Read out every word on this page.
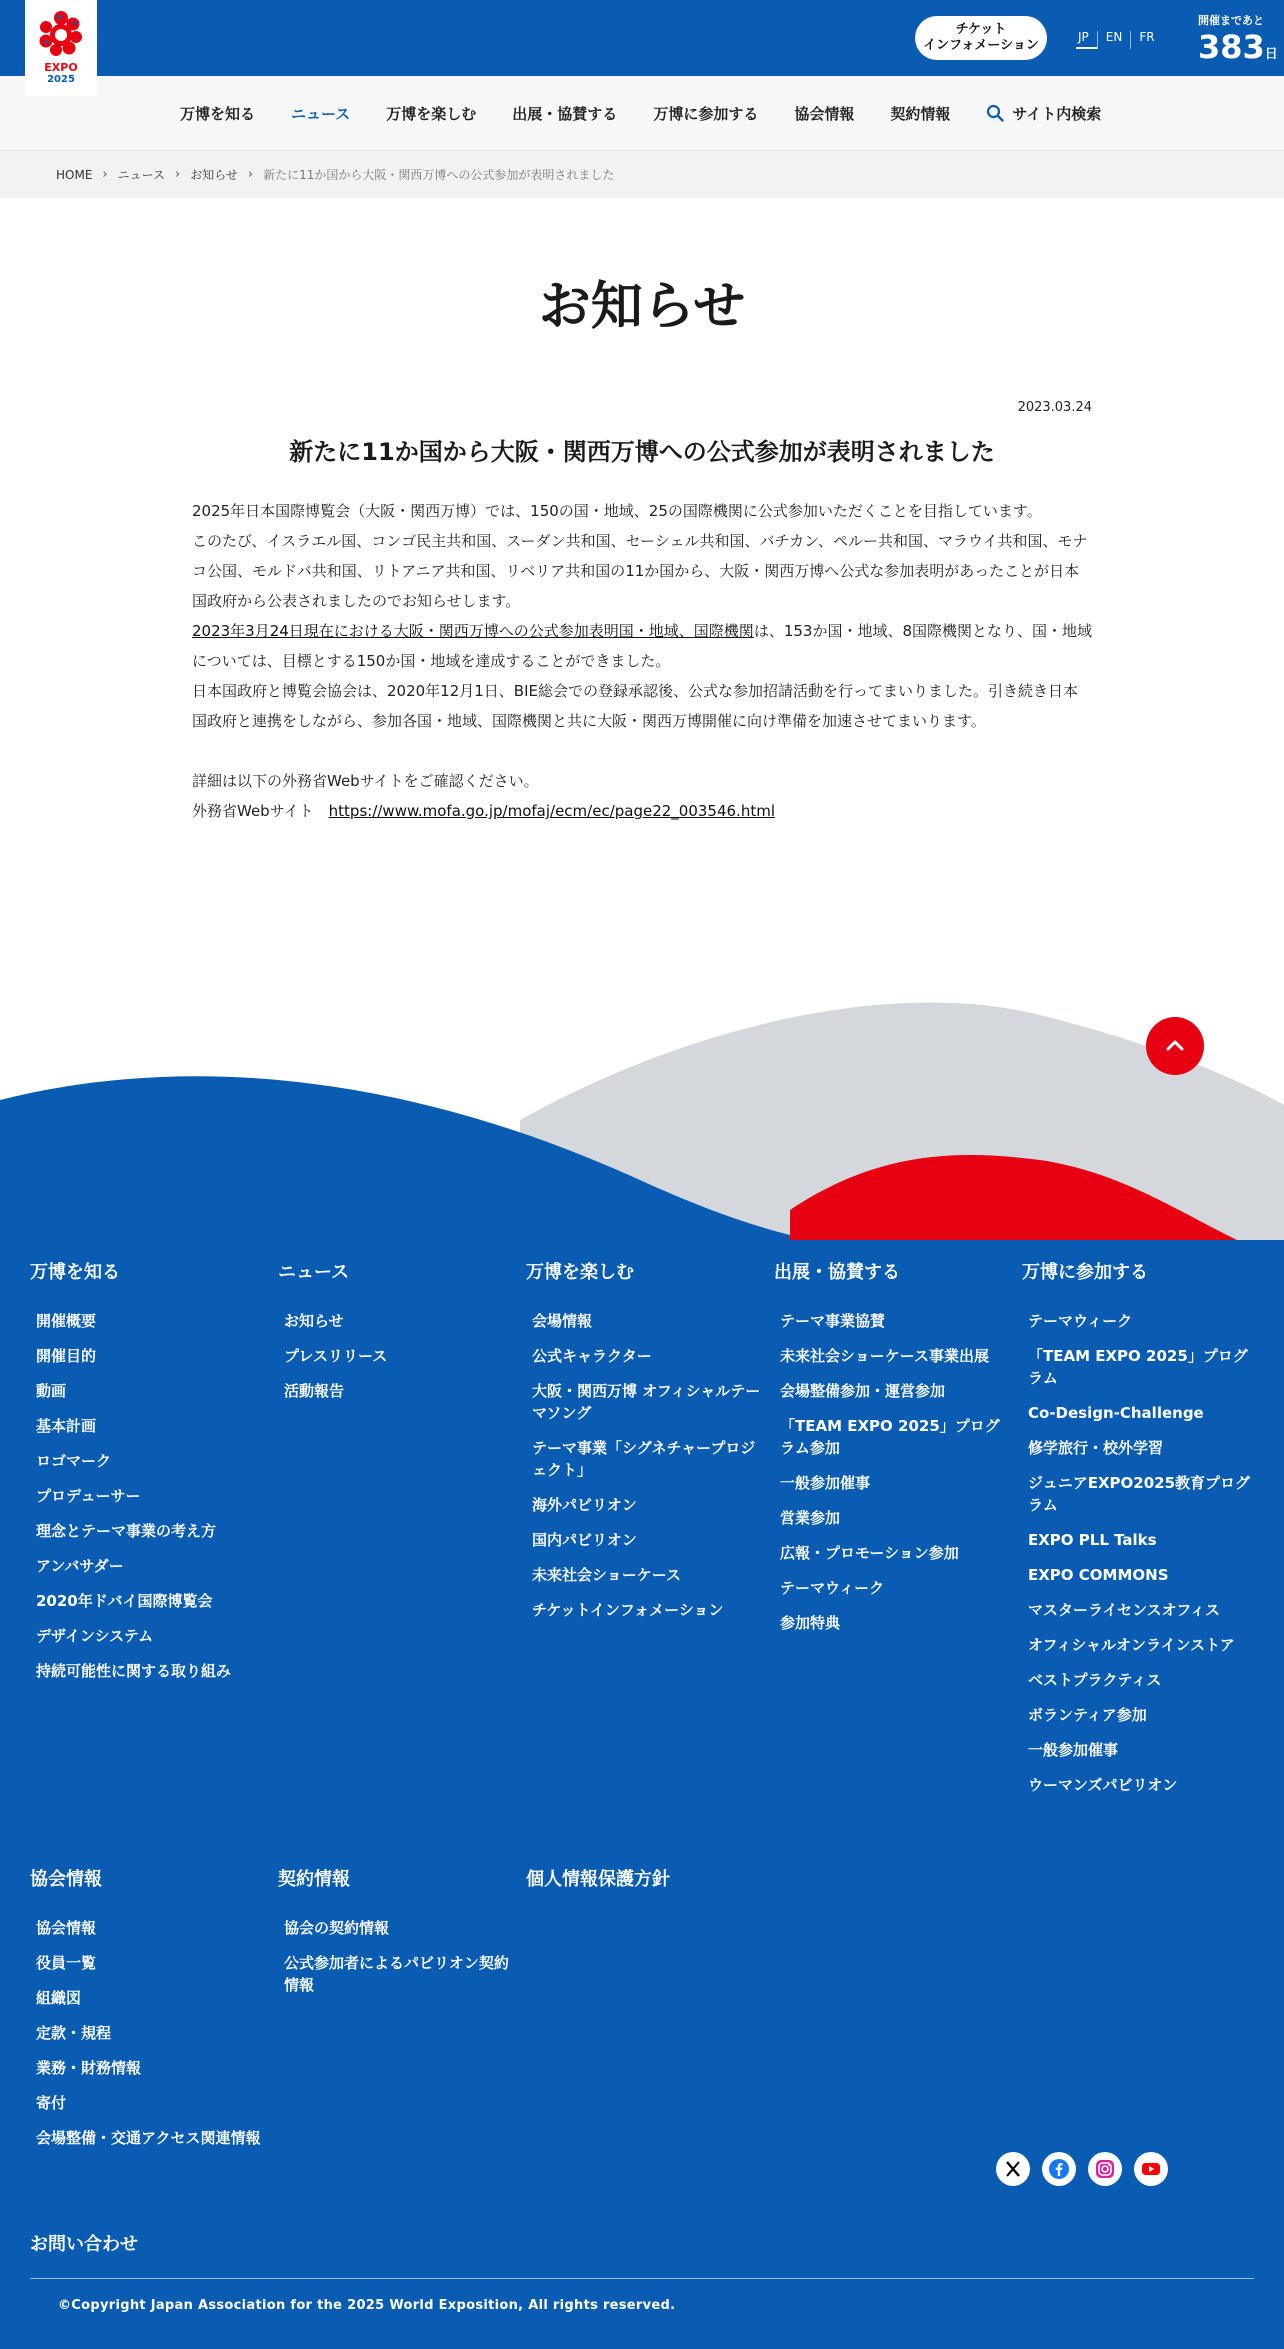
EXPO
2025
チケット
インフォメーション
JP	EN	FR
開催まであと
383日
万博を知る ニュース 万博を楽しむ 出展・協賛する 万博に参加する 協会情報 契約情報	サイト内検索
HOME › ニュース › お知らせ › 新たに11か国から大阪・関西万博への公式参加が表明されました
お知らせ
2023.03.24
新たに11か国から大阪・関西万博への公式参加が表明されました

2025年日本国際博覧会（大阪・関西万博）では、150の国・地域、25の国際機関に公式参加いただくことを目指しています。

このたび、イスラエル国、コンゴ民主共和国、スーダン共和国、セーシェル共和国、バチカン、ペルー共和国、マラウイ共和国、モナコ公国、モルドバ共和国、リトアニア共和国、リベリア共和国の11か国から、大阪・関西万博へ公式な参加表明があったことが日本国政府から公表されましたのでお知らせします。

2023年3月24日現在における大阪・関西万博への公式参加表明国・地域、国際機関は、153か国・地域、8国際機関となり、国・地域については、目標とする150か国・地域を達成することができました。

日本国政府と博覧会協会は、2020年12月1日、BIE総会での登録承認後、公式な参加招請活動を行ってまいりました。引き続き日本国政府と連携をしながら、参加各国・地域、国際機関と共に大阪・関西万博開催に向け準備を加速させてまいります。

詳細は以下の外務省Webサイトをご確認ください。

外務省Webサイト　https://www.mofa.go.jp/mofaj/ecm/ec/page22_003546.html

万博を知る
開催概要
開催目的
動画
基本計画
ロゴマーク
プロデューサー
理念とテーマ事業の考え方
アンバサダー
2020年ドバイ国際博覧会
デザインシステム
持続可能性に関する取り組み
ニュース
お知らせ
プレスリリース
活動報告
万博を楽しむ
会場情報
公式キャラクター
大阪・関西万博 オフィシャルテーマソング
テーマ事業「シグネチャープロジェクト」
海外パビリオン
国内パビリオン
未来社会ショーケース
チケットインフォメーション
出展・協賛する
テーマ事業協賛
未来社会ショーケース事業出展
会場整備参加・運営参加
「TEAM EXPO 2025」プログラム参加
一般参加催事
営業参加
広報・プロモーション参加
テーマウィーク
参加特典
万博に参加する
テーマウィーク
「TEAM EXPO 2025」プログラム
Co-Design-Challenge
修学旅行・校外学習
ジュニアEXPO2025教育プログラム
EXPO PLL Talks
EXPO COMMONS
マスターライセンスオフィス
オフィシャルオンラインストア
ベストプラクティス
ボランティア参加
一般参加催事
ウーマンズパビリオン
協会情報
協会情報
役員一覧
組織図
定款・規程
業務・財務情報
寄付
会場整備・交通アクセス関連情報
契約情報
協会の契約情報
公式参加者によるパビリオン契約情報
個人情報保護方針
お問い合わせ
©Copyright Japan Association for the 2025 World Exposition, All rights reserved.
